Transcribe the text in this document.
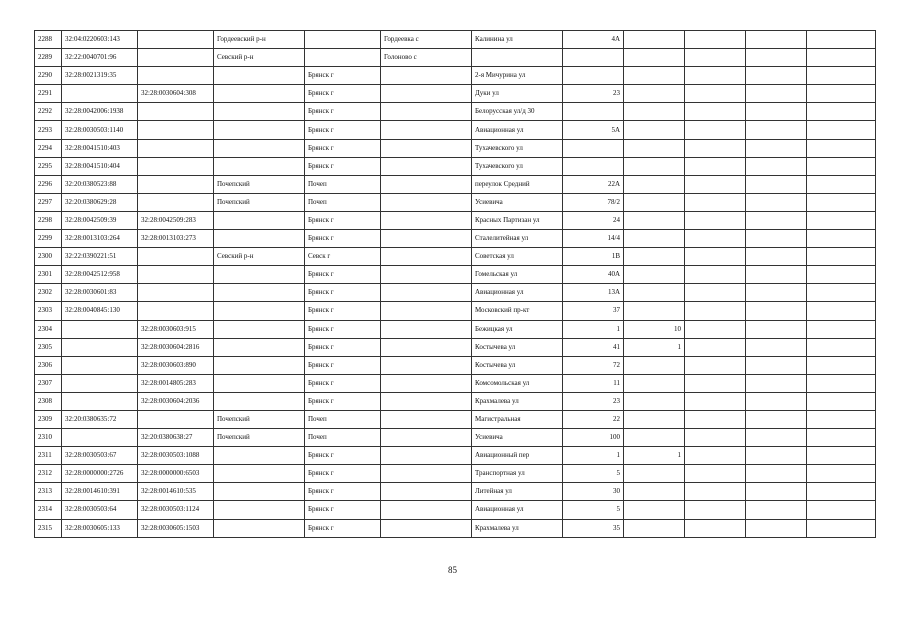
2288	32:04:0220603:143		Гордеевский р-н		Гордеевка с	Калинина ул	4А				
2289	32:22:0040701:96		Севский р-н		Голоново с						
2290	32:28:0021319:35			Брянск г		2-я Мичурина ул					
2291		32:28:0030604:308		Брянск г		Дуки ул	23				
2292	32:28:0042006:1938			Брянск г		Белорусская ул/д 30					
2293	32:28:0030503:1140			Брянск г		Авиационная ул	5А				
2294	32:28:0041510:403			Брянск г		Тухачевского ул					
2295	32:28:0041510:404			Брянск г		Тухачевского ул					
2296	32:20:0380523:88		Почепский	Почеп		переулок Средний	22А				
2297	32:20:0380629:28		Почепский	Почеп		Усиевича	78/2				
2298	32:28:0042509:39	32:28:0042509:283		Брянск г		Красных Партизан ул	24				
2299	32:28:0013103:264	32:28:0013103:273		Брянск г		Сталелитейная ул	14/4				
2300	32:22:0390221:51		Севский р-н	Севск г		Советская ул	1В				
2301	32:28:0042512:958			Брянск г		Гомельская ул	40А				
2302	32:28:0030601:83			Брянск г		Авиационная ул	13А				
2303	32:28:0040845:130			Брянск г		Московский пр-кт	37				
2304		32:28:0030603:915		Брянск г		Бежицкая ул	1	10			
2305		32:28:0030604:2816		Брянск г		Костычева ул	41	1			
2306		32:28:0030603:890		Брянск г		Костычева ул	72				
2307		32:28:0014805:283		Брянск г		Комсомольская ул	11				
2308		32:28:0030604:2036		Брянск г		Крахмалева ул	23				
2309	32:20:0380635:72		Почепский	Почеп		Магистральная	22				
2310		32:20:0380638:27	Почепский	Почеп		Усиевича	100				
2311	32:28:0030503:67	32:28:0030503:1088		Брянск г		Авиационный пер	1	1			
2312	32:28:0000000:2726	32:28:0000000:6503		Брянск г		Транспортная ул	5				
2313	32:28:0014610:391	32:28:0014610:535		Брянск г		Литейная ул	30				
2314	32:28:0030503:64	32:28:0030503:1124		Брянск г		Авиационная ул	5				
2315	32:28:0030605:133	32:28:0030605:1503		Брянск г		Крахмалева ул	35				
85
